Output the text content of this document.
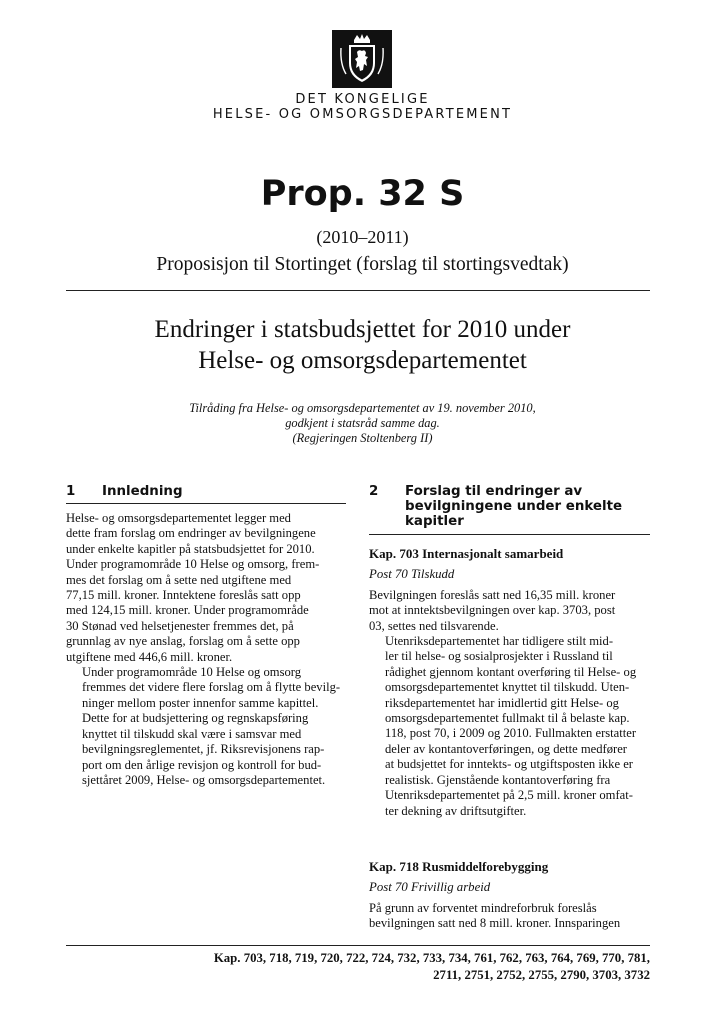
DET KONGELIGE
HELSE- OG OMSORGSDEPARTEMENT
Prop. 32 S
(2010–2011)
Proposisjon til Stortinget (forslag til stortingsvedtak)
Endringer i statsbudsjettet for 2010 under
Helse- og omsorgsdepartementet
Tilråding fra Helse- og omsorgsdepartementet av 19. november 2010,
godkjent i statsråd samme dag.
(Regjeringen Stoltenberg II)
1 Innledning

Helse- og omsorgsdepartementet legger med
dette fram forslag om endringer av bevilgningene
under enkelte kapitler på statsbudsjettet for 2010.
Under programområde 10 Helse og omsorg, frem-
mes det forslag om å sette ned utgiftene med
77,15 mill. kroner. Inntektene foreslås satt opp
med 124,15 mill. kroner. Under programområde
30 Stønad ved helsetjenester fremmes det, på
grunnlag av nye anslag, forslag om å sette opp
utgiftene med 446,6 mill. kroner.

Under programområde 10 Helse og omsorg
fremmes det videre flere forslag om å flytte bevilg-
ninger mellom poster innenfor samme kapittel.
Dette for at budsjettering og regnskapsføring
knyttet til tilskudd skal være i samsvar med
bevilgningsreglementet, jf. Riksrevisjonens rap-
port om den årlige revisjon og kontroll for bud-
sjettåret 2009, Helse- og omsorgsdepartementet.

2 Forslag til endringer av
bevilgningene under enkelte
kapitler
Kap. 703 Internasjonalt samarbeid
Post 70 Tilskudd

Bevilgningen foreslås satt ned 16,35 mill. kroner
mot at inntektsbevilgningen over kap. 3703, post
03, settes ned tilsvarende.

Utenriksdepartementet har tidligere stilt mid-
ler til helse- og sosialprosjekter i Russland til
rådighet gjennom kontant overføring til Helse- og
omsorgsdepartementet knyttet til tilskudd. Uten-
riksdepartementet har imidlertid gitt Helse- og
omsorgsdepartementet fullmakt til å belaste kap.
118, post 70, i 2009 og 2010. Fullmakten erstatter
deler av kontantoverføringen, og dette medfører
at budsjettet for inntekts- og utgiftsposten ikke er
realistisk. Gjenstående kontantoverføring fra
Utenriksdepartementet på 2,5 mill. kroner omfat-
ter dekning av driftsutgifter.

Kap. 718 Rusmiddelforebygging
Post 70 Frivillig arbeid

På grunn av forventet mindreforbruk foreslås
bevilgningen satt ned 8 mill. kroner. Innsparingen

Kap. 703, 718, 719, 720, 722, 724, 732, 733, 734, 761, 762, 763, 764, 769, 770, 781,
2711, 2751, 2752, 2755, 2790, 3703, 3732
